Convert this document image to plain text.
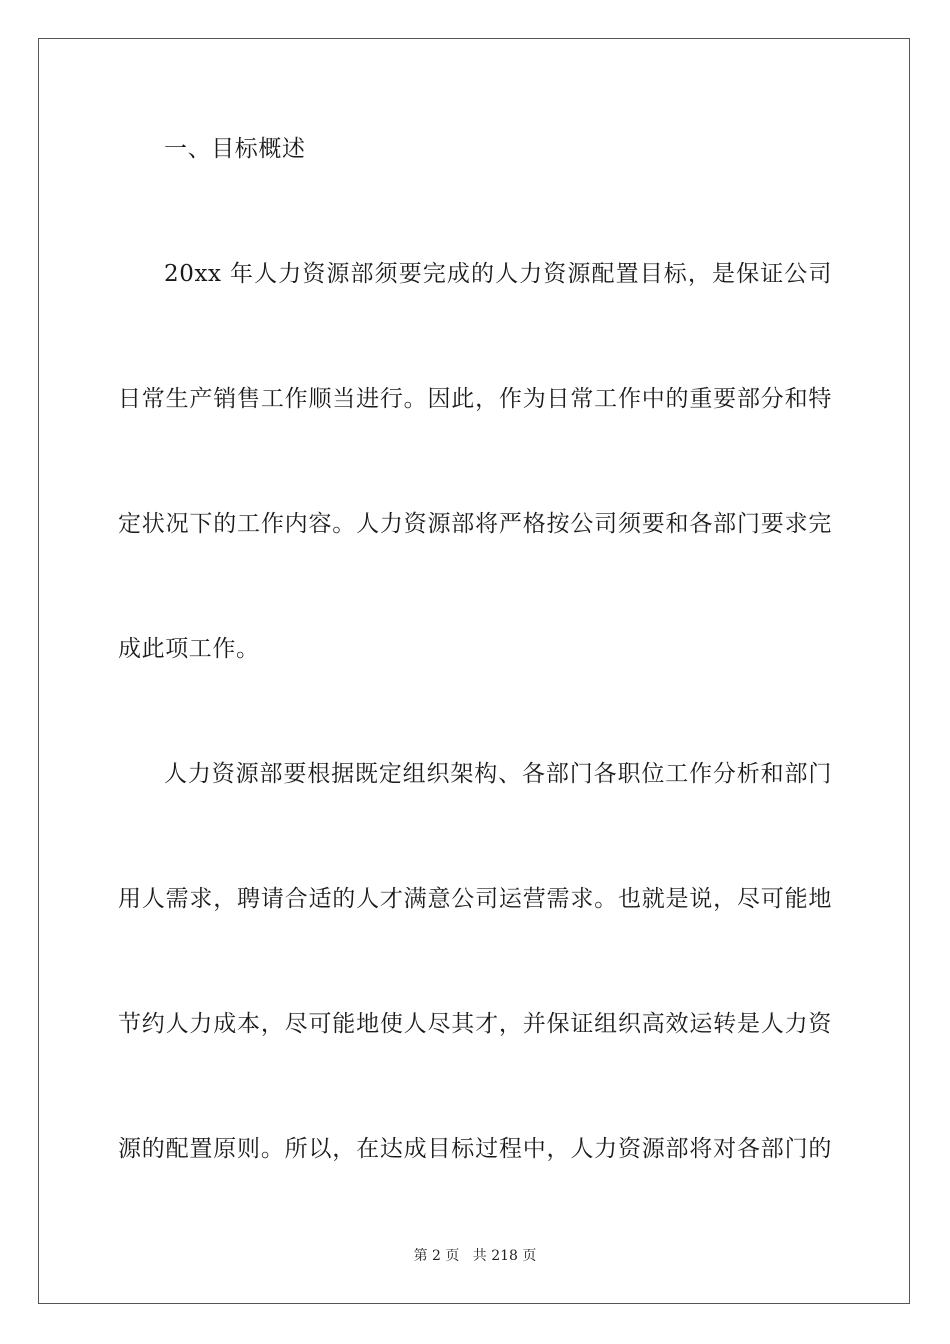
一、目标概述
20xx 年人力资源部须要完成的人力资源配置目标，是保证公司
日常生产销售工作顺当进行。因此，作为日常工作中的重要部分和特
定状况下的工作内容。人力资源部将严格按公司须要和各部门要求完
成此项工作。
人力资源部要根据既定组织架构、各部门各职位工作分析和部门
用人需求，聘请合适的人才满意公司运营需求。也就是说，尽可能地
节约人力成本，尽可能地使人尽其才，并保证组织高效运转是人力资
源的配置原则。所以，在达成目标过程中，人力资源部将对各部门的
第 2 页 共 218 页
